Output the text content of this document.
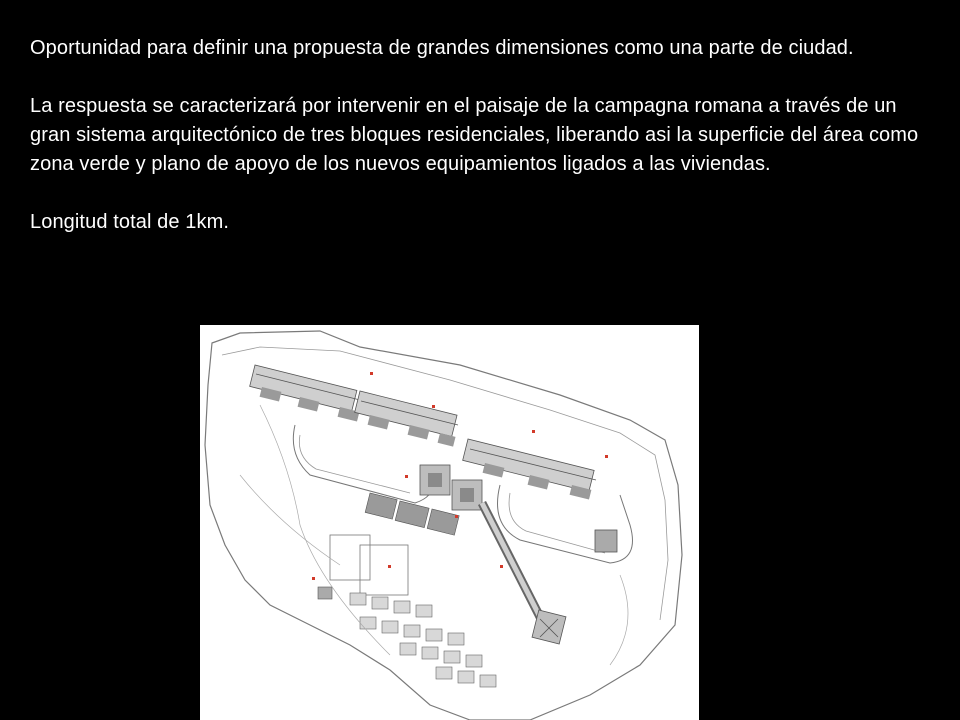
Oportunidad para definir una propuesta de grandes dimensiones como una parte de ciudad.

La respuesta se caracterizará por intervenir en el paisaje de la campagna romana a través de un gran sistema arquitectónico de tres bloques residenciales, liberando asi la superficie del área como zona verde y plano de apoyo de los nuevos equipamientos ligados a las viviendas.

Longitud total de 1km.
